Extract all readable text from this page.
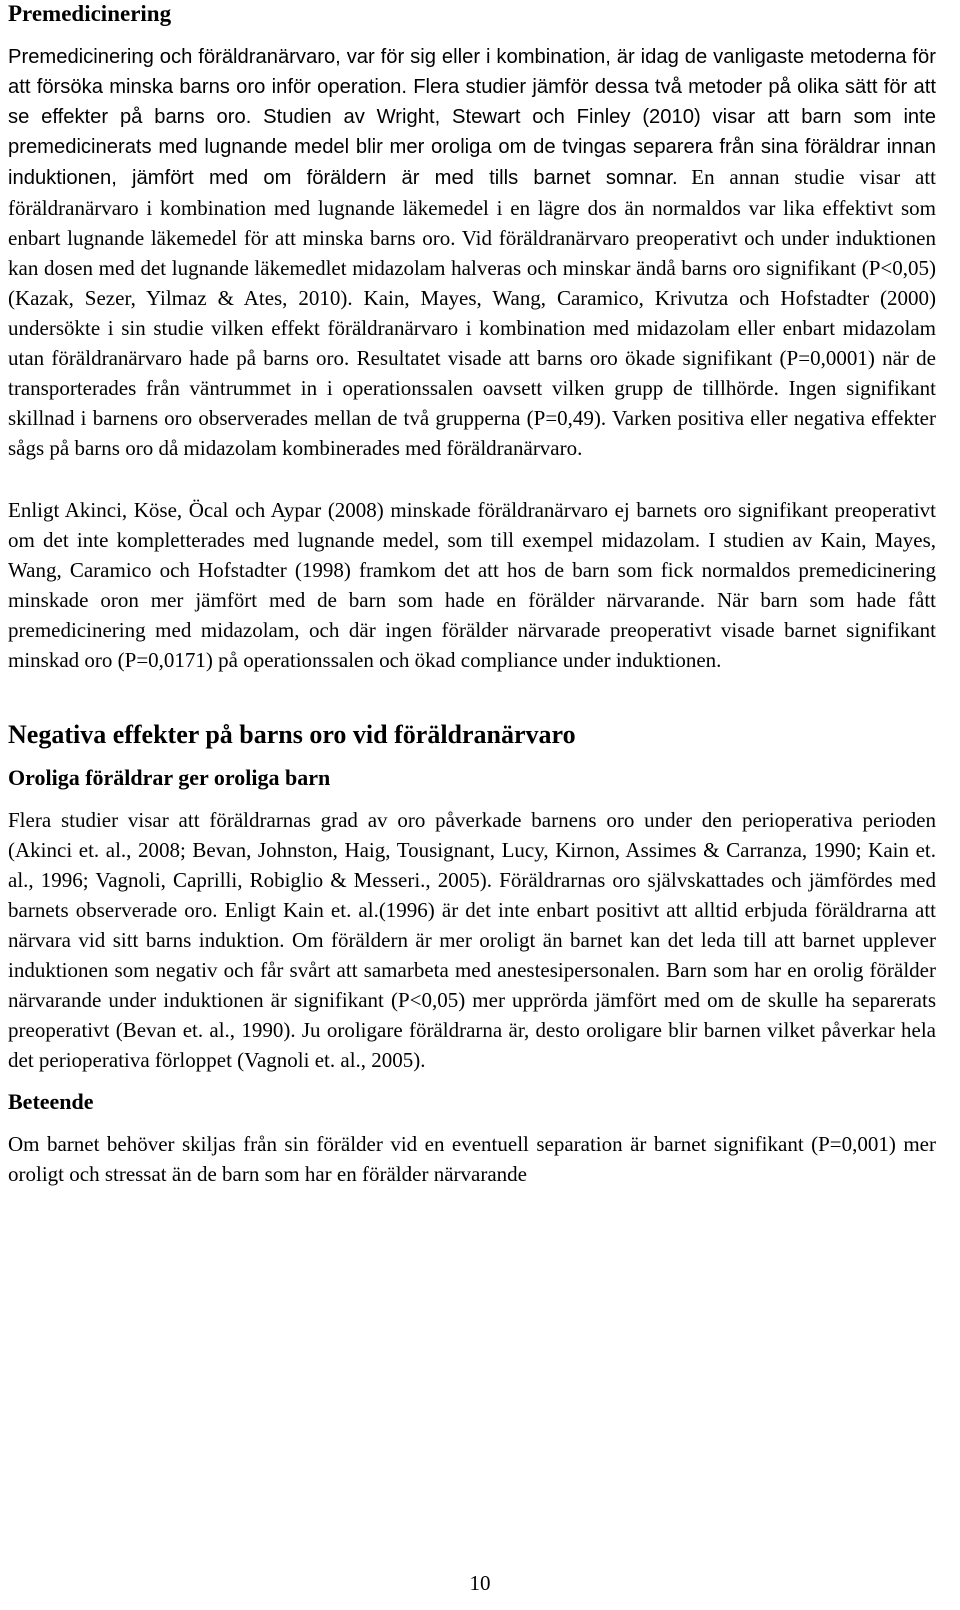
Premedicinering

Premedicinering och föräldranärvaro, var för sig eller i kombination, är idag de vanligaste metoderna för att försöka minska barns oro inför operation. Flera studier jämför dessa två metoder på olika sätt för att se effekter på barns oro. Studien av Wright, Stewart och Finley (2010) visar att barn som inte premedicinerats med lugnande medel blir mer oroliga om de tvingas separera från sina föräldrar innan induktionen, jämfört med om föräldern är med tills barnet somnar. En annan studie visar att föräldranärvaro i kombination med lugnande läkemedel i en lägre dos än normaldos var lika effektivt som enbart lugnande läkemedel för att minska barns oro. Vid föräldranärvaro preoperativt och under induktionen kan dosen med det lugnande läkemedlet midazolam halveras och minskar ändå barns oro signifikant (P<0,05) (Kazak, Sezer, Yilmaz & Ates, 2010). Kain, Mayes, Wang, Caramico, Krivutza och Hofstadter (2000) undersökte i sin studie vilken effekt föräldranärvaro i kombination med midazolam eller enbart midazolam utan föräldranärvaro hade på barns oro. Resultatet visade att barns oro ökade signifikant (P=0,0001) när de transporterades från väntrummet in i operationssalen oavsett vilken grupp de tillhörde. Ingen signifikant skillnad i barnens oro observerades mellan de två grupperna (P=0,49). Varken positiva eller negativa effekter sågs på barns oro då midazolam kombinerades med föräldranärvaro.

Enligt Akinci, Köse, Öcal och Aypar (2008) minskade föräldranärvaro ej barnets oro signifikant preoperativt om det inte kompletterades med lugnande medel, som till exempel midazolam. I studien av Kain, Mayes, Wang, Caramico och Hofstadter (1998) framkom det att hos de barn som fick normaldos premedicinering minskade oron mer jämfört med de barn som hade en förälder närvarande. När barn som hade fått premedicinering med midazolam, och där ingen förälder närvarade preoperativt visade barnet signifikant minskad oro (P=0,0171) på operationssalen och ökad compliance under induktionen.

Negativa effekter på barns oro vid föräldranärvaro
Oroliga föräldrar ger oroliga barn

Flera studier visar att föräldrarnas grad av oro påverkade barnens oro under den perioperativa perioden (Akinci et. al., 2008; Bevan, Johnston, Haig, Tousignant, Lucy, Kirnon, Assimes & Carranza, 1990; Kain et. al., 1996; Vagnoli, Caprilli, Robiglio & Messeri., 2005). Föräldrarnas oro självskattades och jämfördes med barnets observerade oro. Enligt Kain et. al.(1996) är det inte enbart positivt att alltid erbjuda föräldrarna att närvara vid sitt barns induktion. Om föräldern är mer oroligt än barnet kan det leda till att barnet upplever induktionen som negativ och får svårt att samarbeta med anestesipersonalen. Barn som har en orolig förälder närvarande under induktionen är signifikant (P<0,05) mer upprörda jämfört med om de skulle ha separerats preoperativt (Bevan et. al., 1990). Ju oroligare föräldrarna är, desto oroligare blir barnen vilket påverkar hela det perioperativa förloppet (Vagnoli et. al., 2005).

Beteende

Om barnet behöver skiljas från sin förälder vid en eventuell separation är barnet signifikant (P=0,001) mer oroligt och stressat än de barn som har en förälder närvarande

10
